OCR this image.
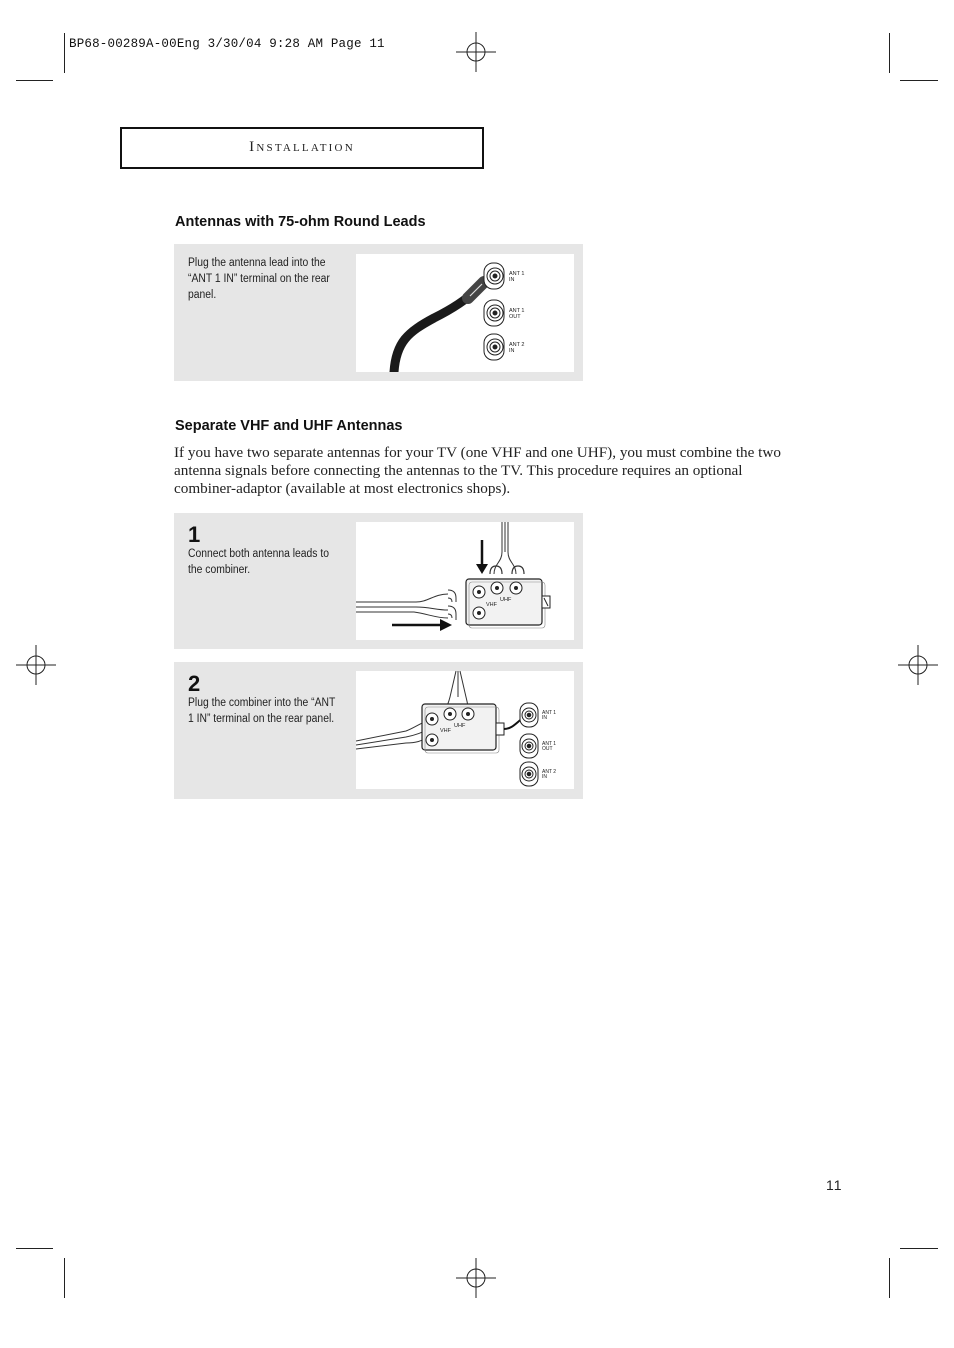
BP68-00289A-00Eng 3/30/04 9:28 AM Page 11
Installation
Antennas with 75-ohm Round Leads
Plug the antenna lead into the “ANT 1 IN” terminal on the rear panel.
ANT 1 IN
ANT 1 OUT
ANT 2 IN
Separate VHF and UHF Antennas
If you have two separate antennas for your TV (one VHF and one UHF), you must combine the two antenna signals before connecting the antennas to the TV. This procedure requires an optional combiner-adaptor (available at most electronics shops).
1
Connect both antenna leads to the combiner.
UHF
VHF
2
Plug the combiner into the “ANT 1 IN” terminal on the rear panel.
UHF
VHF
ANT 1 IN
ANT 1 OUT
ANT 2 IN
11
